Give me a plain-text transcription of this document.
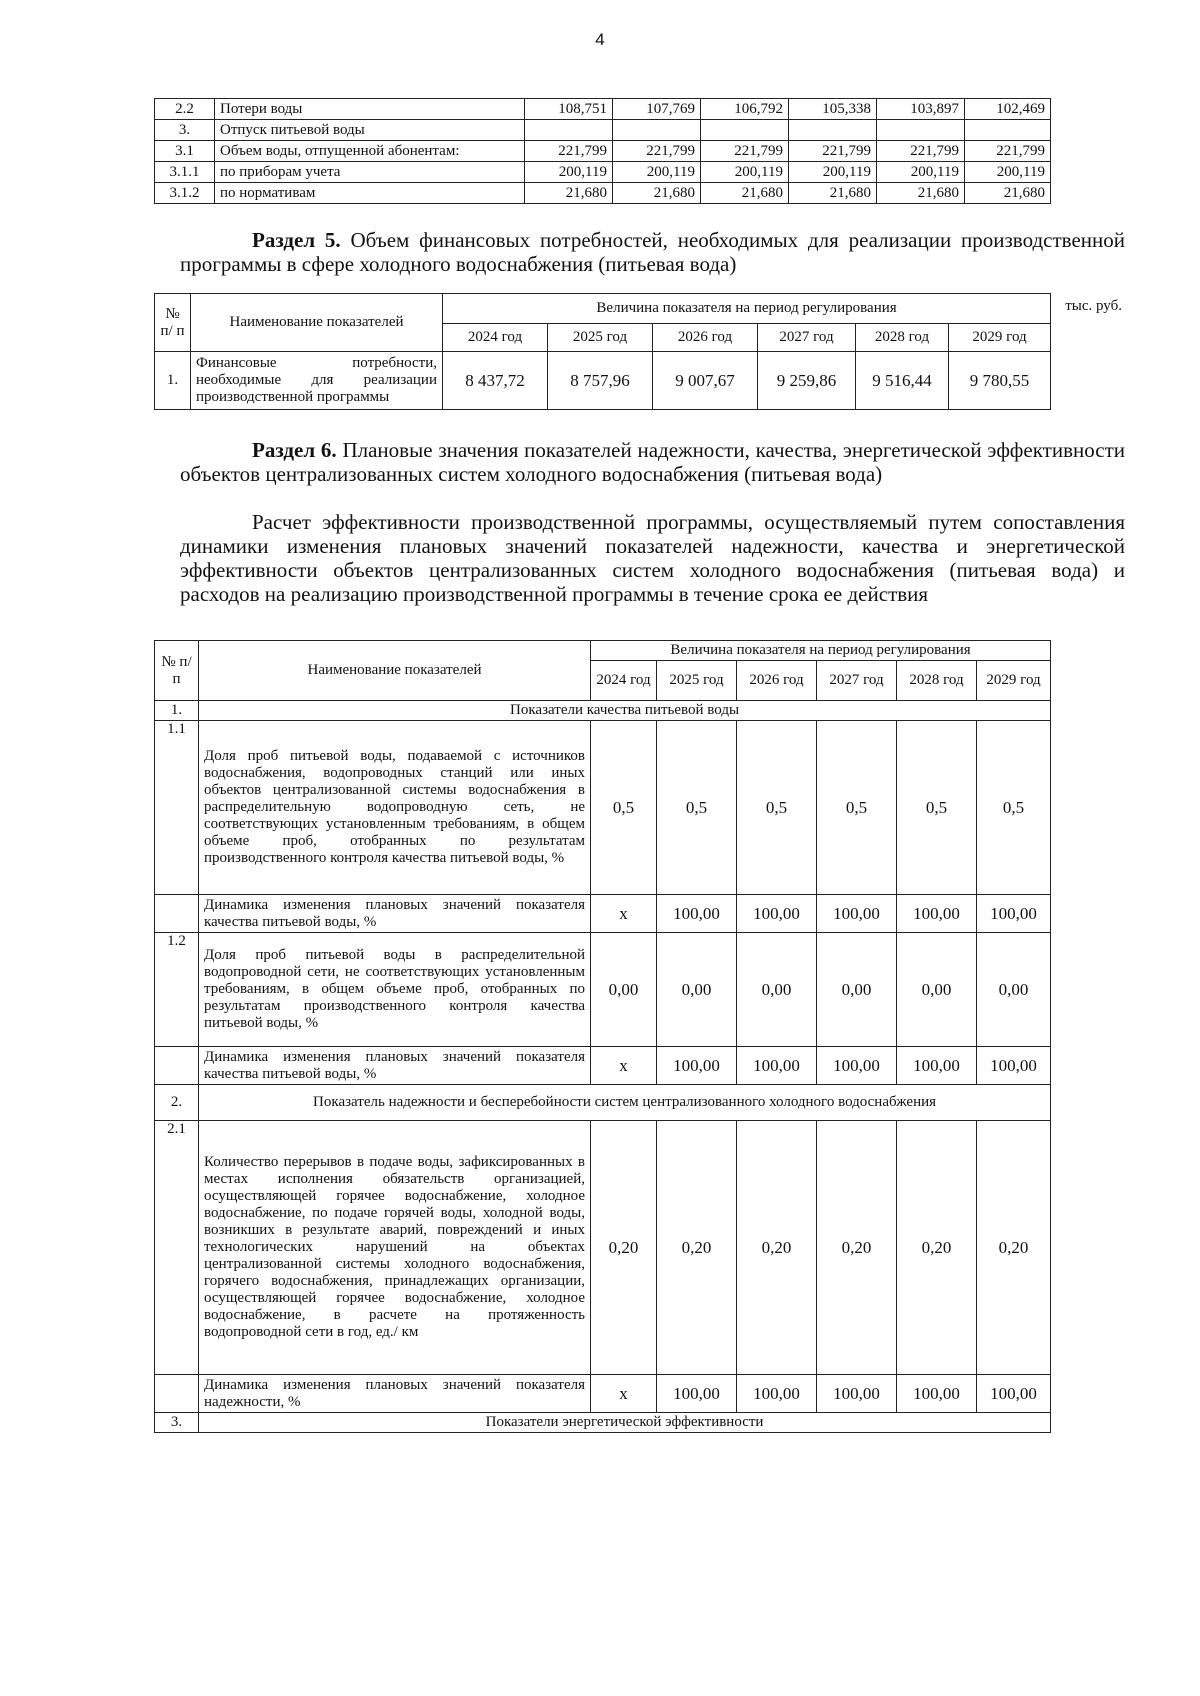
4
2.2	Потери воды	108,751	107,769	106,792	105,338	103,897	102,469
3.	Отпуск питьевой воды						
3.1	Объем воды, отпущенной абонентам:	221,799	221,799	221,799	221,799	221,799	221,799
3.1.1	по приборам учета	200,119	200,119	200,119	200,119	200,119	200,119
3.1.2	по нормативам	21,680	21,680	21,680	21,680	21,680	21,680
Раздел 5. Объем финансовых потребностей, необходимых для реализации производственной программы в сфере холодного водоснабжения (питьевая вода)
тыс. руб.
№ п/ п	Наименование показателей	Величина показателя на период регулирования					
		2024 год	2025 год	2026 год	2027 год	2028 год	2029 год
1.	Финансовые потребности, необходимые для реализации производственной программы	8 437,72	8 757,96	9 007,67	9 259,86	9 516,44	9 780,55
Раздел 6. Плановые значения показателей надежности, качества, энергетической эффективности объектов централизованных систем холодного водоснабжения (питьевая вода)
Расчет эффективности производственной программы, осуществляемый путем сопоставления динамики изменения плановых значений показателей надежности, качества и энергетической эффективности объектов централизованных систем холодного водоснабжения (питьевая вода) и расходов на реализацию производственной программы в течение срока ее действия
№ п/п	Наименование показателей	Величина показателя на период регулирования					
		2024 год	2025 год	2026 год	2027 год	2028 год	2029 год
1.	Показатели качества питьевой воды						
1.1	Доля проб питьевой воды, подаваемой с источников водоснабжения, водопроводных станций или иных объектов централизованной системы водоснабжения в распределительную водопроводную сеть, не соответствующих установленным требованиям, в общем объеме проб, отобранных по результатам производственного контроля качества питьевой воды, %	0,5	0,5	0,5	0,5	0,5	0,5
	Динамика изменения плановых значений показателя качества питьевой воды, %	x	100,00	100,00	100,00	100,00	100,00
1.2	Доля проб питьевой воды в распределительной водопроводной сети, не соответствующих установленным требованиям, в общем объеме проб, отобранных по результатам производственного контроля качества питьевой воды, %	0,00	0,00	0,00	0,00	0,00	0,00
	Динамика изменения плановых значений показателя качества питьевой воды, %	x	100,00	100,00	100,00	100,00	100,00
2.	Показатель надежности и бесперебойности систем централизованного холодного водоснабжения						
2.1	Количество перерывов в подаче воды, зафиксированных в местах исполнения обязательств организацией, осуществляющей горячее водоснабжение, холодное водоснабжение, по подаче горячей воды, холодной воды, возникших в результате аварий, повреждений и иных технологических нарушений на объектах централизованной системы холодного водоснабжения, горячего водоснабжения, принадлежащих организации, осуществляющей горячее водоснабжение, холодное водоснабжение, в расчете на протяженность водопроводной сети в год, ед./ км	0,20	0,20	0,20	0,20	0,20	0,20
	Динамика изменения плановых значений показателя надежности, %	x	100,00	100,00	100,00	100,00	100,00
3.	Показатели энергетической эффективности						
